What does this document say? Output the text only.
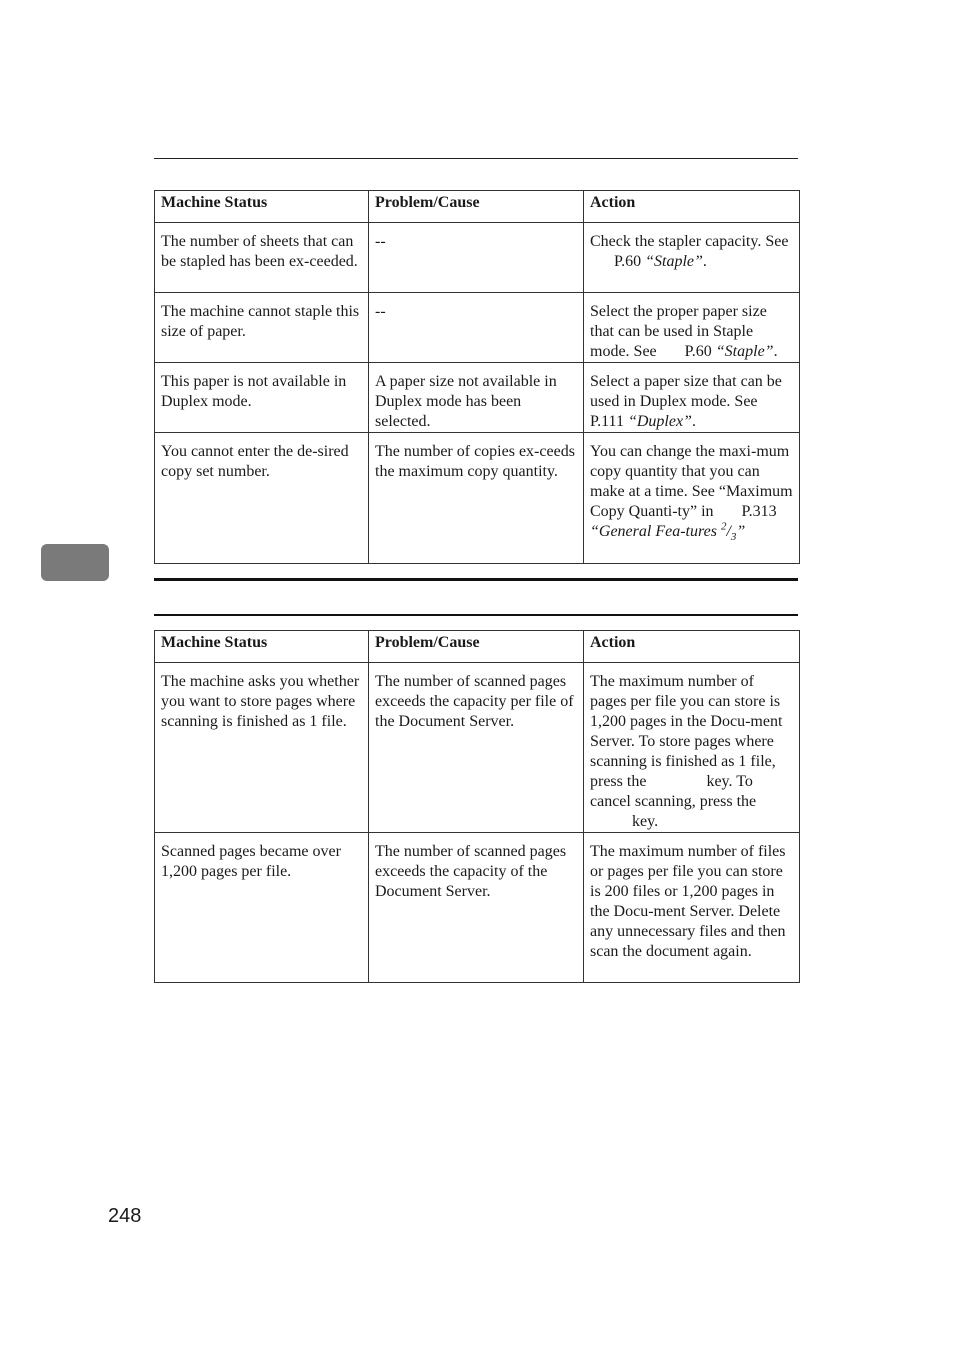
Machine Status	Problem/Cause	Action
The number of sheets that can be stapled has been ex-ceeded.	--	Check the stapler capacity. See P.60 “Staple”.
The machine cannot staple this size of paper.	--	Select the proper paper size that can be used in Staple mode. See P.60 “Staple”.
This paper is not available in Duplex mode.	A paper size not available in Duplex mode has been selected.	Select a paper size that can be used in Duplex mode. See P.111 “Duplex”.
You cannot enter the de-sired copy set number.	The number of copies ex-ceeds the maximum copy quantity.	You can change the maxi-mum copy quantity that you can make at a time. See “Maximum Copy Quanti-ty” in P.313 “General Fea-tures $^2/_3$”
Machine Status	Problem/Cause	Action
The machine asks you whether you want to store pages where scanning is finished as 1 file.	The number of scanned pages exceeds the capacity per file of the Document Server.	The maximum number of pages per file you can store is 1,200 pages in the Docu-ment Server. To store pages where scanning is finished as 1 file, press the key. To cancel scanning, press the  key.
Scanned pages became over 1,200 pages per file.	The number of scanned pages exceeds the capacity of the Document Server.	The maximum number of files or pages per file you can store is 200 files or 1,200 pages in the Docu-ment Server. Delete any unnecessary files and then scan the document again.
248
